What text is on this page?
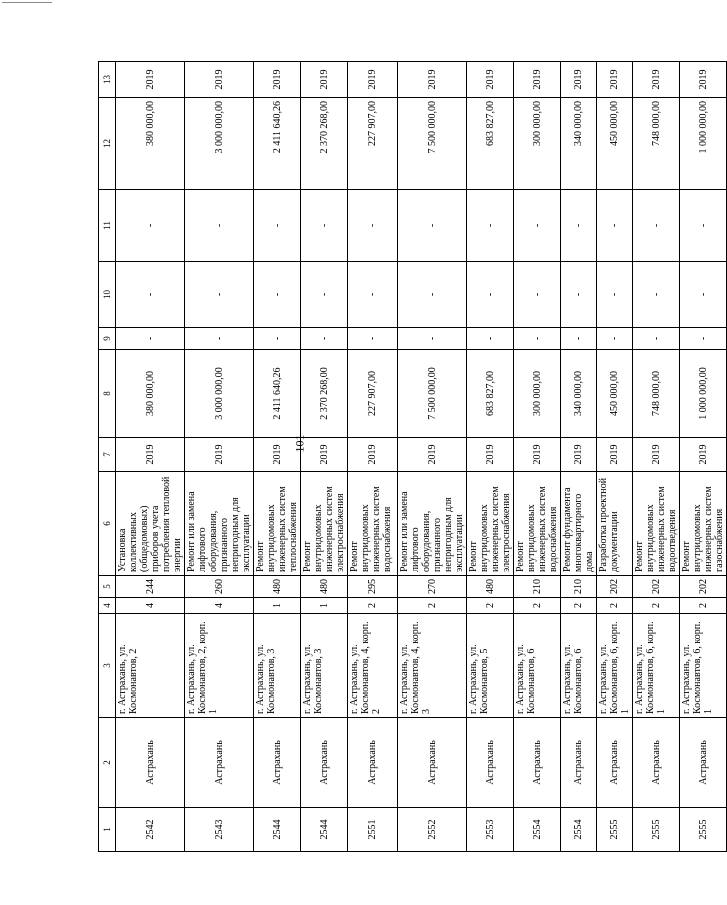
101
1	2	3	4	5	6	7	8	9	10	11	12	13
2542	Астрахань	г. Астрахань, ул. Космонавтов, 2	4	244	Установка коллективных (общедомовых) приборов учета потребления тепловой энергии	2019	380 000,00	-	-	-	380 000,00	2019
2543	Астрахань	г. Астрахань, ул. Космонавтов, 2, корп. 1	4	260	Ремонт или замена лифтового оборудования, признанного непригодным для эксплуатации	2019	3 000 000,00	-	-	-	3 000 000,00	2019
2544	Астрахань	г. Астрахань, ул. Космонавтов, 3	1	480	Ремонт внутридомовых инженерных систем теплоснабжения	2019	2 411 640,26	-	-	-	2 411 640,26	2019
2544	Астрахань	г. Астрахань, ул. Космонавтов, 3	1	480	Ремонт внутридомовых инженерных систем электроснабжения	2019	2 370 268,00	-	-	-	2 370 268,00	2019
2551	Астрахань	г. Астрахань, ул. Космонавтов, 4, корп. 2	2	295	Ремонт внутридомовых инженерных систем водоснабжения	2019	227 907,00	-	-	-	227 907,00	2019
2552	Астрахань	г. Астрахань, ул. Космонавтов, 4, корп. 3	2	270	Ремонт или замена лифтового оборудования, признанного непригодным для эксплуатации	2019	7 500 000,00	-	-	-	7 500 000,00	2019
2553	Астрахань	г. Астрахань, ул. Космонавтов, 5	2	480	Ремонт внутридомовых инженерных систем электроснабжения	2019	683 827,00	-	-	-	683 827,00	2019
2554	Астрахань	г. Астрахань, ул. Космонавтов, 6	2	210	Ремонт внутридомовых инженерных систем водоснабжения	2019	300 000,00	-	-	-	300 000,00	2019
2554	Астрахань	г. Астрахань, ул. Космонавтов, 6	2	210	Ремонт фундамента многоквартирного дома	2019	340 000,00	-	-	-	340 000,00	2019
2555	Астрахань	г. Астрахань, ул. Космонавтов, 6, корп. 1	2	202	Разработка проектной документации	2019	450 000,00	-	-	-	450 000,00	2019
2555	Астрахань	г. Астрахань, ул. Космонавтов, 6, корп. 1	2	202	Ремонт внутридомовых инженерных систем водоотведения	2019	748 000,00	-	-	-	748 000,00	2019
2555	Астрахань	г. Астрахань, ул. Космонавтов, 6, корп. 1	2	202	Ремонт внутридомовых инженерных систем газоснабжения	2019	1 000 000,00	-	-	-	1 000 000,00	2019
